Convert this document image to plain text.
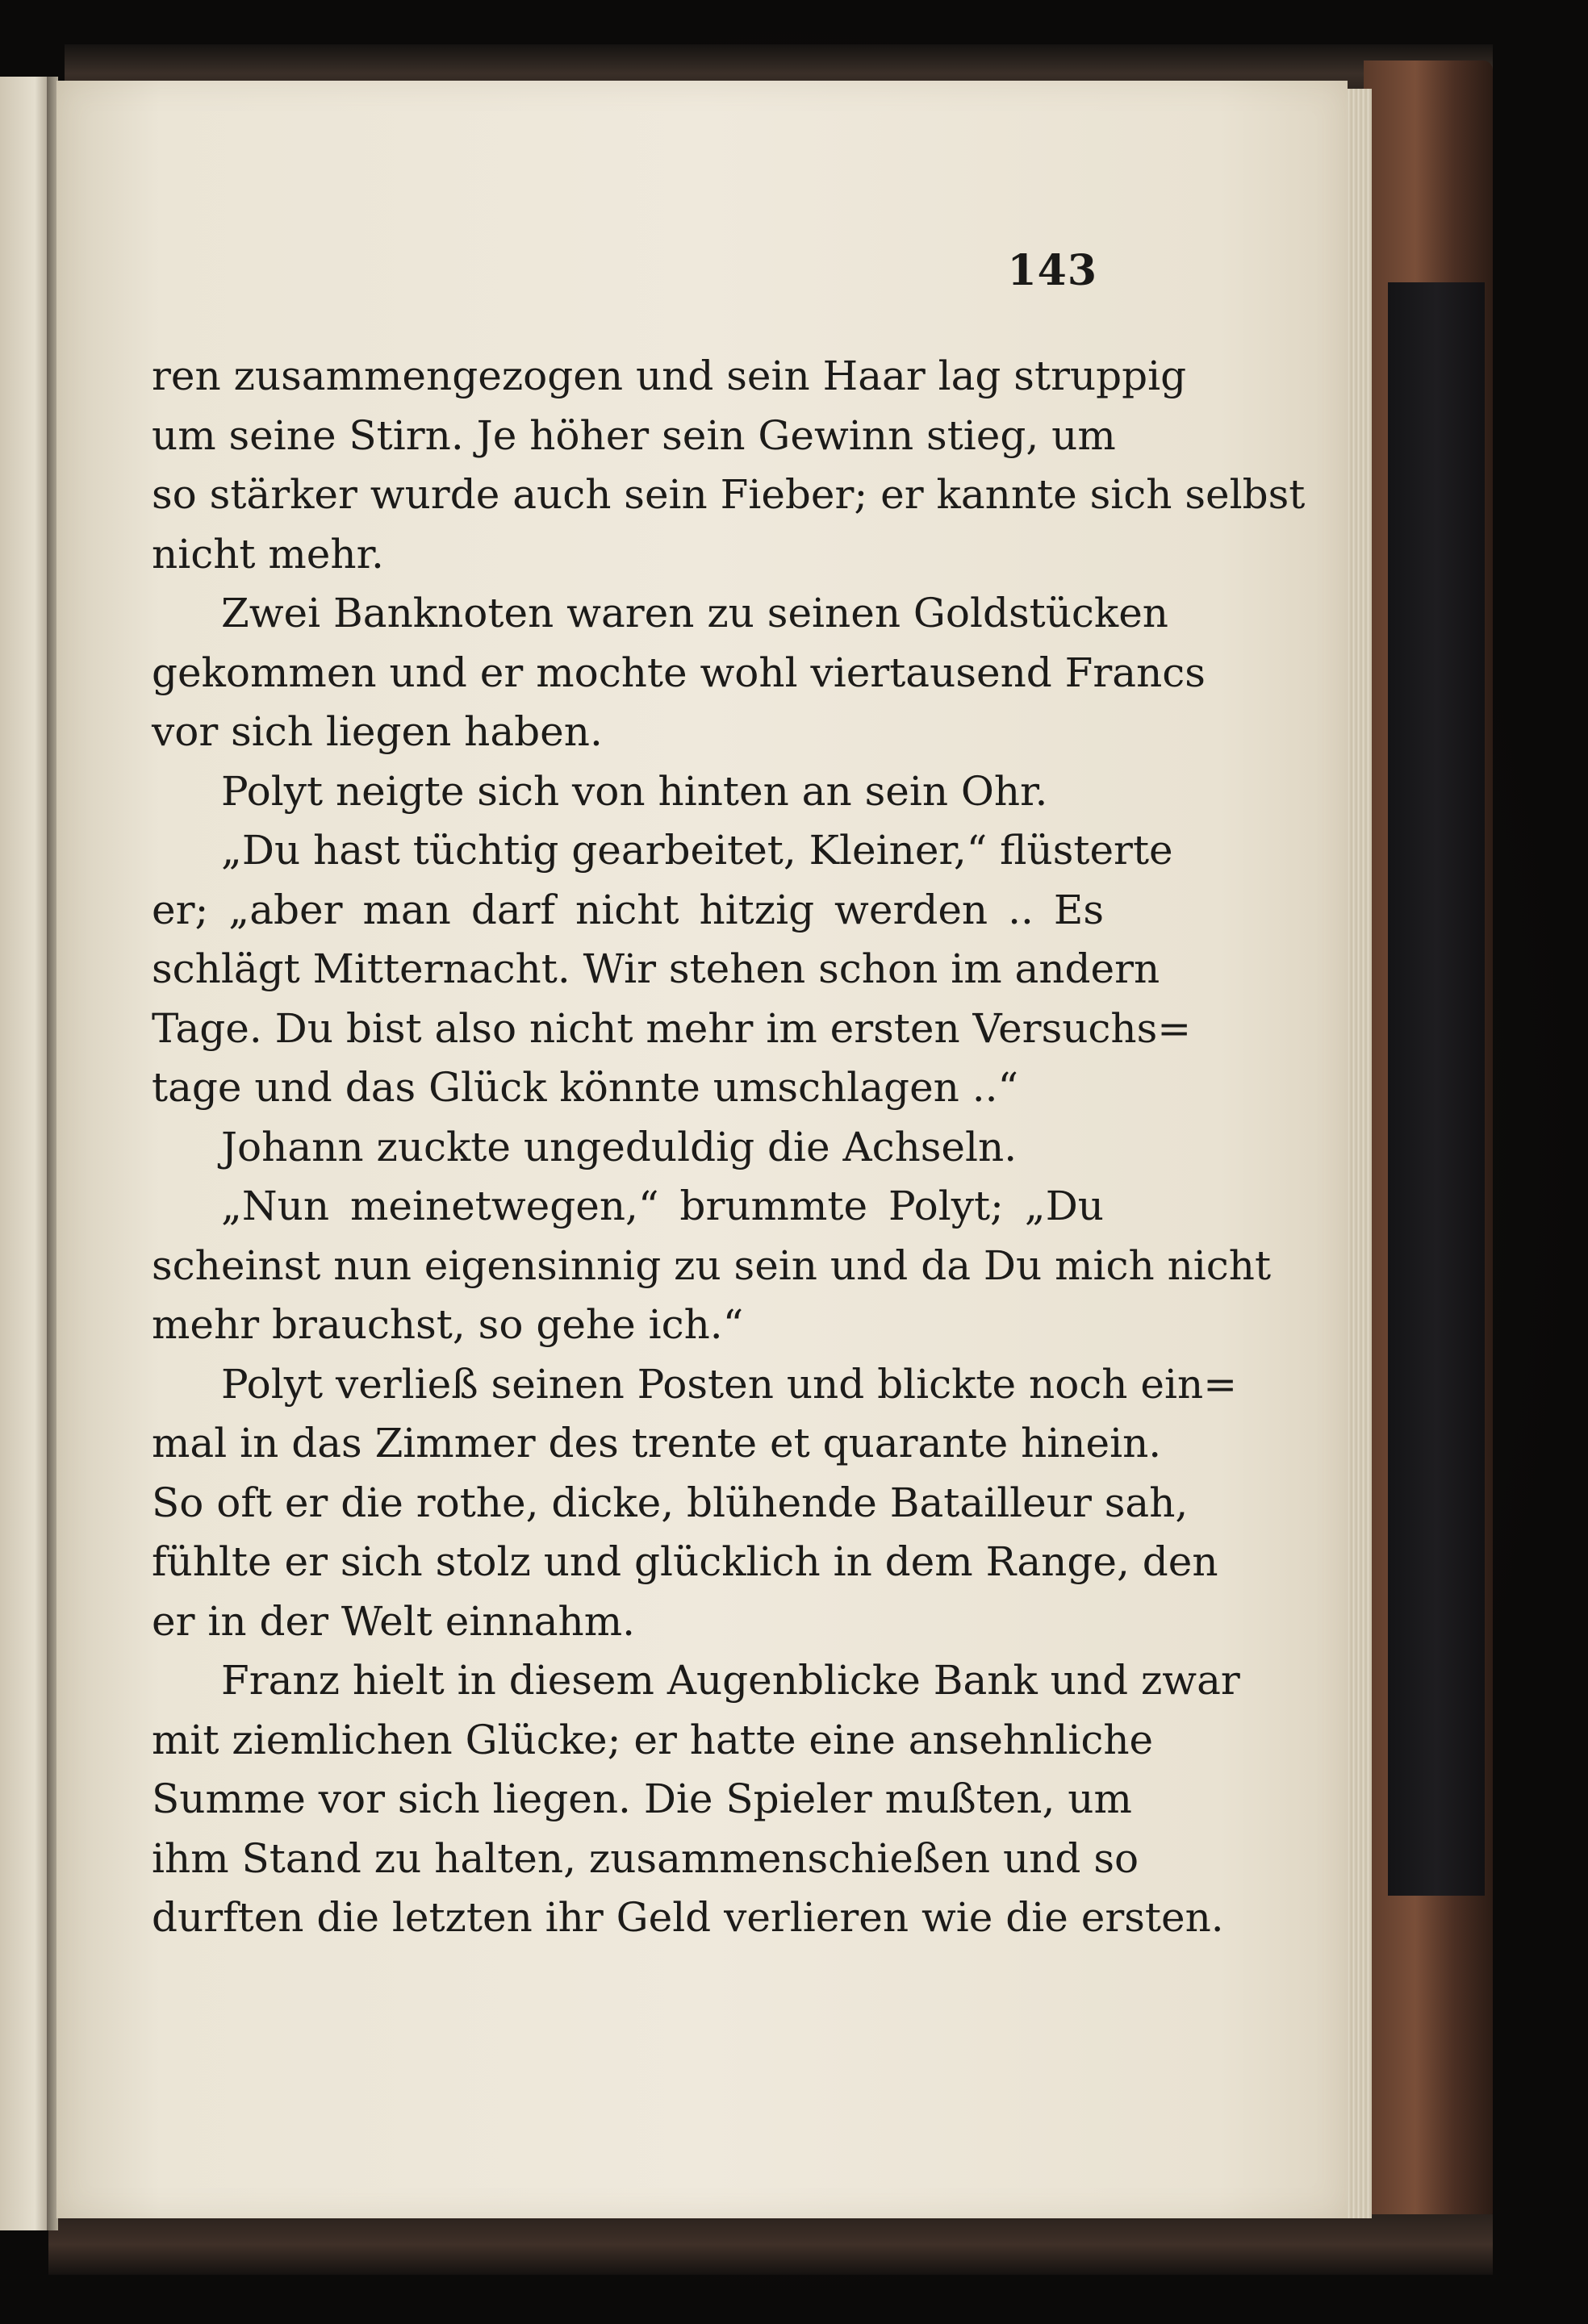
143
ren zusammengezogen und sein Haar lag struppig
um seine Stirn. Je höher sein Gewinn stieg, um
so stärker wurde auch sein Fieber; er kannte sich selbst
nicht mehr.
Zwei Banknoten waren zu seinen Goldstücken
gekommen und er mochte wohl viertausend Francs
vor sich liegen haben.
Polyt neigte sich von hinten an sein Ohr.
„Du hast tüchtig gearbeitet, Kleiner,“ flüsterte
er; „aber man darf nicht hitzig werden .. Es
schlägt Mitternacht. Wir stehen schon im andern
Tage. Du bist also nicht mehr im ersten Versuchs=
tage und das Glück könnte umschlagen ..“
Johann zuckte ungeduldig die Achseln.
„Nun meinetwegen,“ brummte Polyt; „Du
scheinst nun eigensinnig zu sein und da Du mich nicht
mehr brauchst, so gehe ich.“
Polyt verließ seinen Posten und blickte noch ein=
mal in das Zimmer des trente et quarante hinein.
So oft er die rothe, dicke, blühende Bataille​ur sah,
fühlte er sich stolz und glücklich in dem Range, den
er in der Welt einnahm.
Franz hielt in diesem Augenblicke Bank und zwar
mit ziemlichen Glücke; er hatte eine ansehnliche
Summe vor sich liegen. Die Spieler mußten, um
ihm Stand zu halten, zusammenschießen und so
durften die letzten ihr Geld verlieren wie die ersten.
